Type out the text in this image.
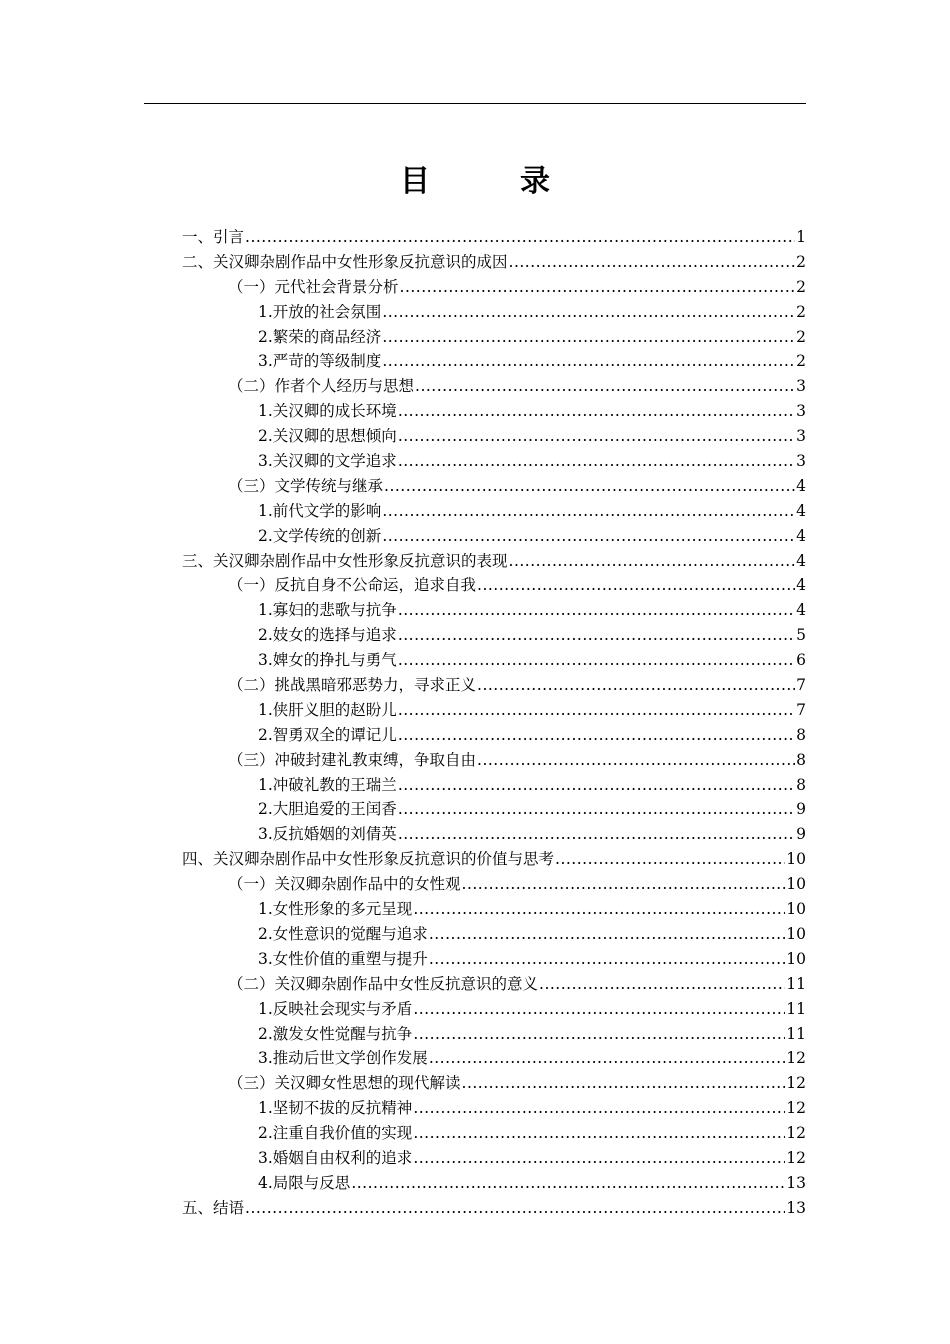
目　录
一、 引言 .....	1
二、 关汉卿杂剧作品中女性形象反抗意识的成因 .....	2
（一） 元代社会背景分析 .....	2
1. 开放的社会氛围 .....	2
2. 繁荣的商品经济 .....	2
3. 严苛的等级制度 .....	2
（二） 作者个人经历与思想 .....	3
1. 关汉卿的成长环境 .....	3
2. 关汉卿的思想倾向 .....	3
3. 关汉卿的文学追求 .....	3
（三） 文学传统与继承 .....	4
1. 前代文学的影响 .....	4
2. 文学传统的创新 .....	4
三、 关汉卿杂剧作品中女性形象反抗意识的表现 .....	4
（一） 反抗自身不公命运，追求自我 .....	4
1. 寡妇的悲歌与抗争 .....	4
2. 妓女的选择与追求 .....	5
3. 婢女的挣扎与勇气 .....	6
（二） 挑战黑暗邪恶势力，寻求正义 .....	7
1. 侠肝义胆的赵盼儿 .....	7
2. 智勇双全的谭记儿 .....	8
（三） 冲破封建礼教束缚，争取自由 .....	8
1. 冲破礼教的王瑞兰 .....	8
2. 大胆追爱的王闰香 .....	9
3. 反抗婚姻的刘倩英 .....	9
四、 关汉卿杂剧作品中女性形象反抗意识的价值与思考 .....	10
（一） 关汉卿杂剧作品中的女性观 .....	10
1. 女性形象的多元呈现 .....	10
2. 女性意识的觉醒与追求 .....	10
3. 女性价值的重塑与提升 .....	10
（二） 关汉卿杂剧作品中女性反抗意识的意义 .....	11
1. 反映社会现实与矛盾 .....	11
2. 激发女性觉醒与抗争 .....	11
3. 推动后世文学创作发展 .....	12
（三） 关汉卿女性思想的现代解读 .....	12
1. 坚韧不拔的反抗精神 .....	12
2. 注重自我价值的实现 .....	12
3. 婚姻自由权利的追求 .....	12
4. 局限与反思 .....	13
五、 结语 .....	13
